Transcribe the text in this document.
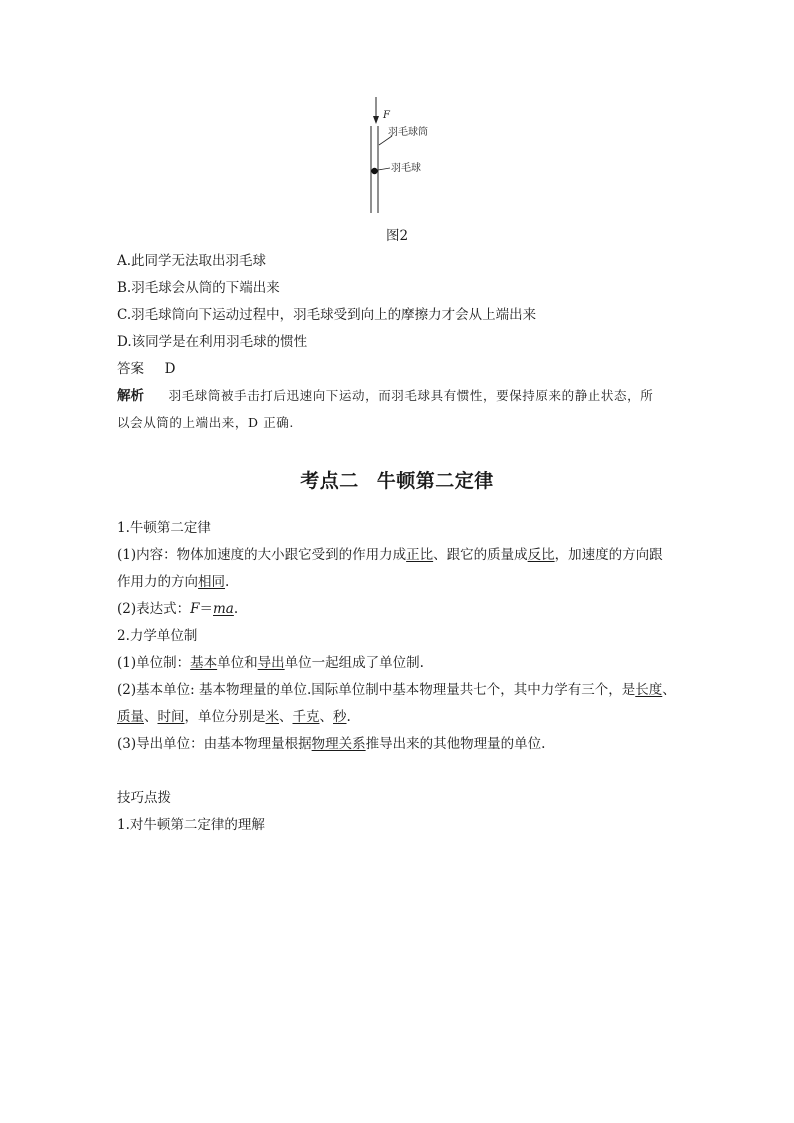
F
羽毛球筒
羽毛球
图2
A.此同学无法取出羽毛球
B.羽毛球会从筒的下端出来
C.羽毛球筒向下运动过程中，羽毛球受到向上的摩擦力才会从上端出来
D.该同学是在利用羽毛球的惯性
答案 D
解析 羽毛球筒被手击打后迅速向下运动，而羽毛球具有惯性，要保持原来的静止状态，所
以会从筒的上端出来，D 正确.
考点二 牛顿第二定律
1.牛顿第二定律
(1)内容：物体加速度的大小跟它受到的作用力成正比、跟它的质量成反比，加速度的方向跟
作用力的方向相同.
(2)表达式：F＝ma.
2.力学单位制
(1)单位制：基本单位和导出单位一起组成了单位制.
(2)基本单位: 基本物理量的单位.国际单位制中基本物理量共七个，其中力学有三个，是长度、
质量、时间，单位分别是米、千克、秒.
(3)导出单位：由基本物理量根据物理关系推导出来的其他物理量的单位.
技巧点拨
1.对牛顿第二定律的理解
